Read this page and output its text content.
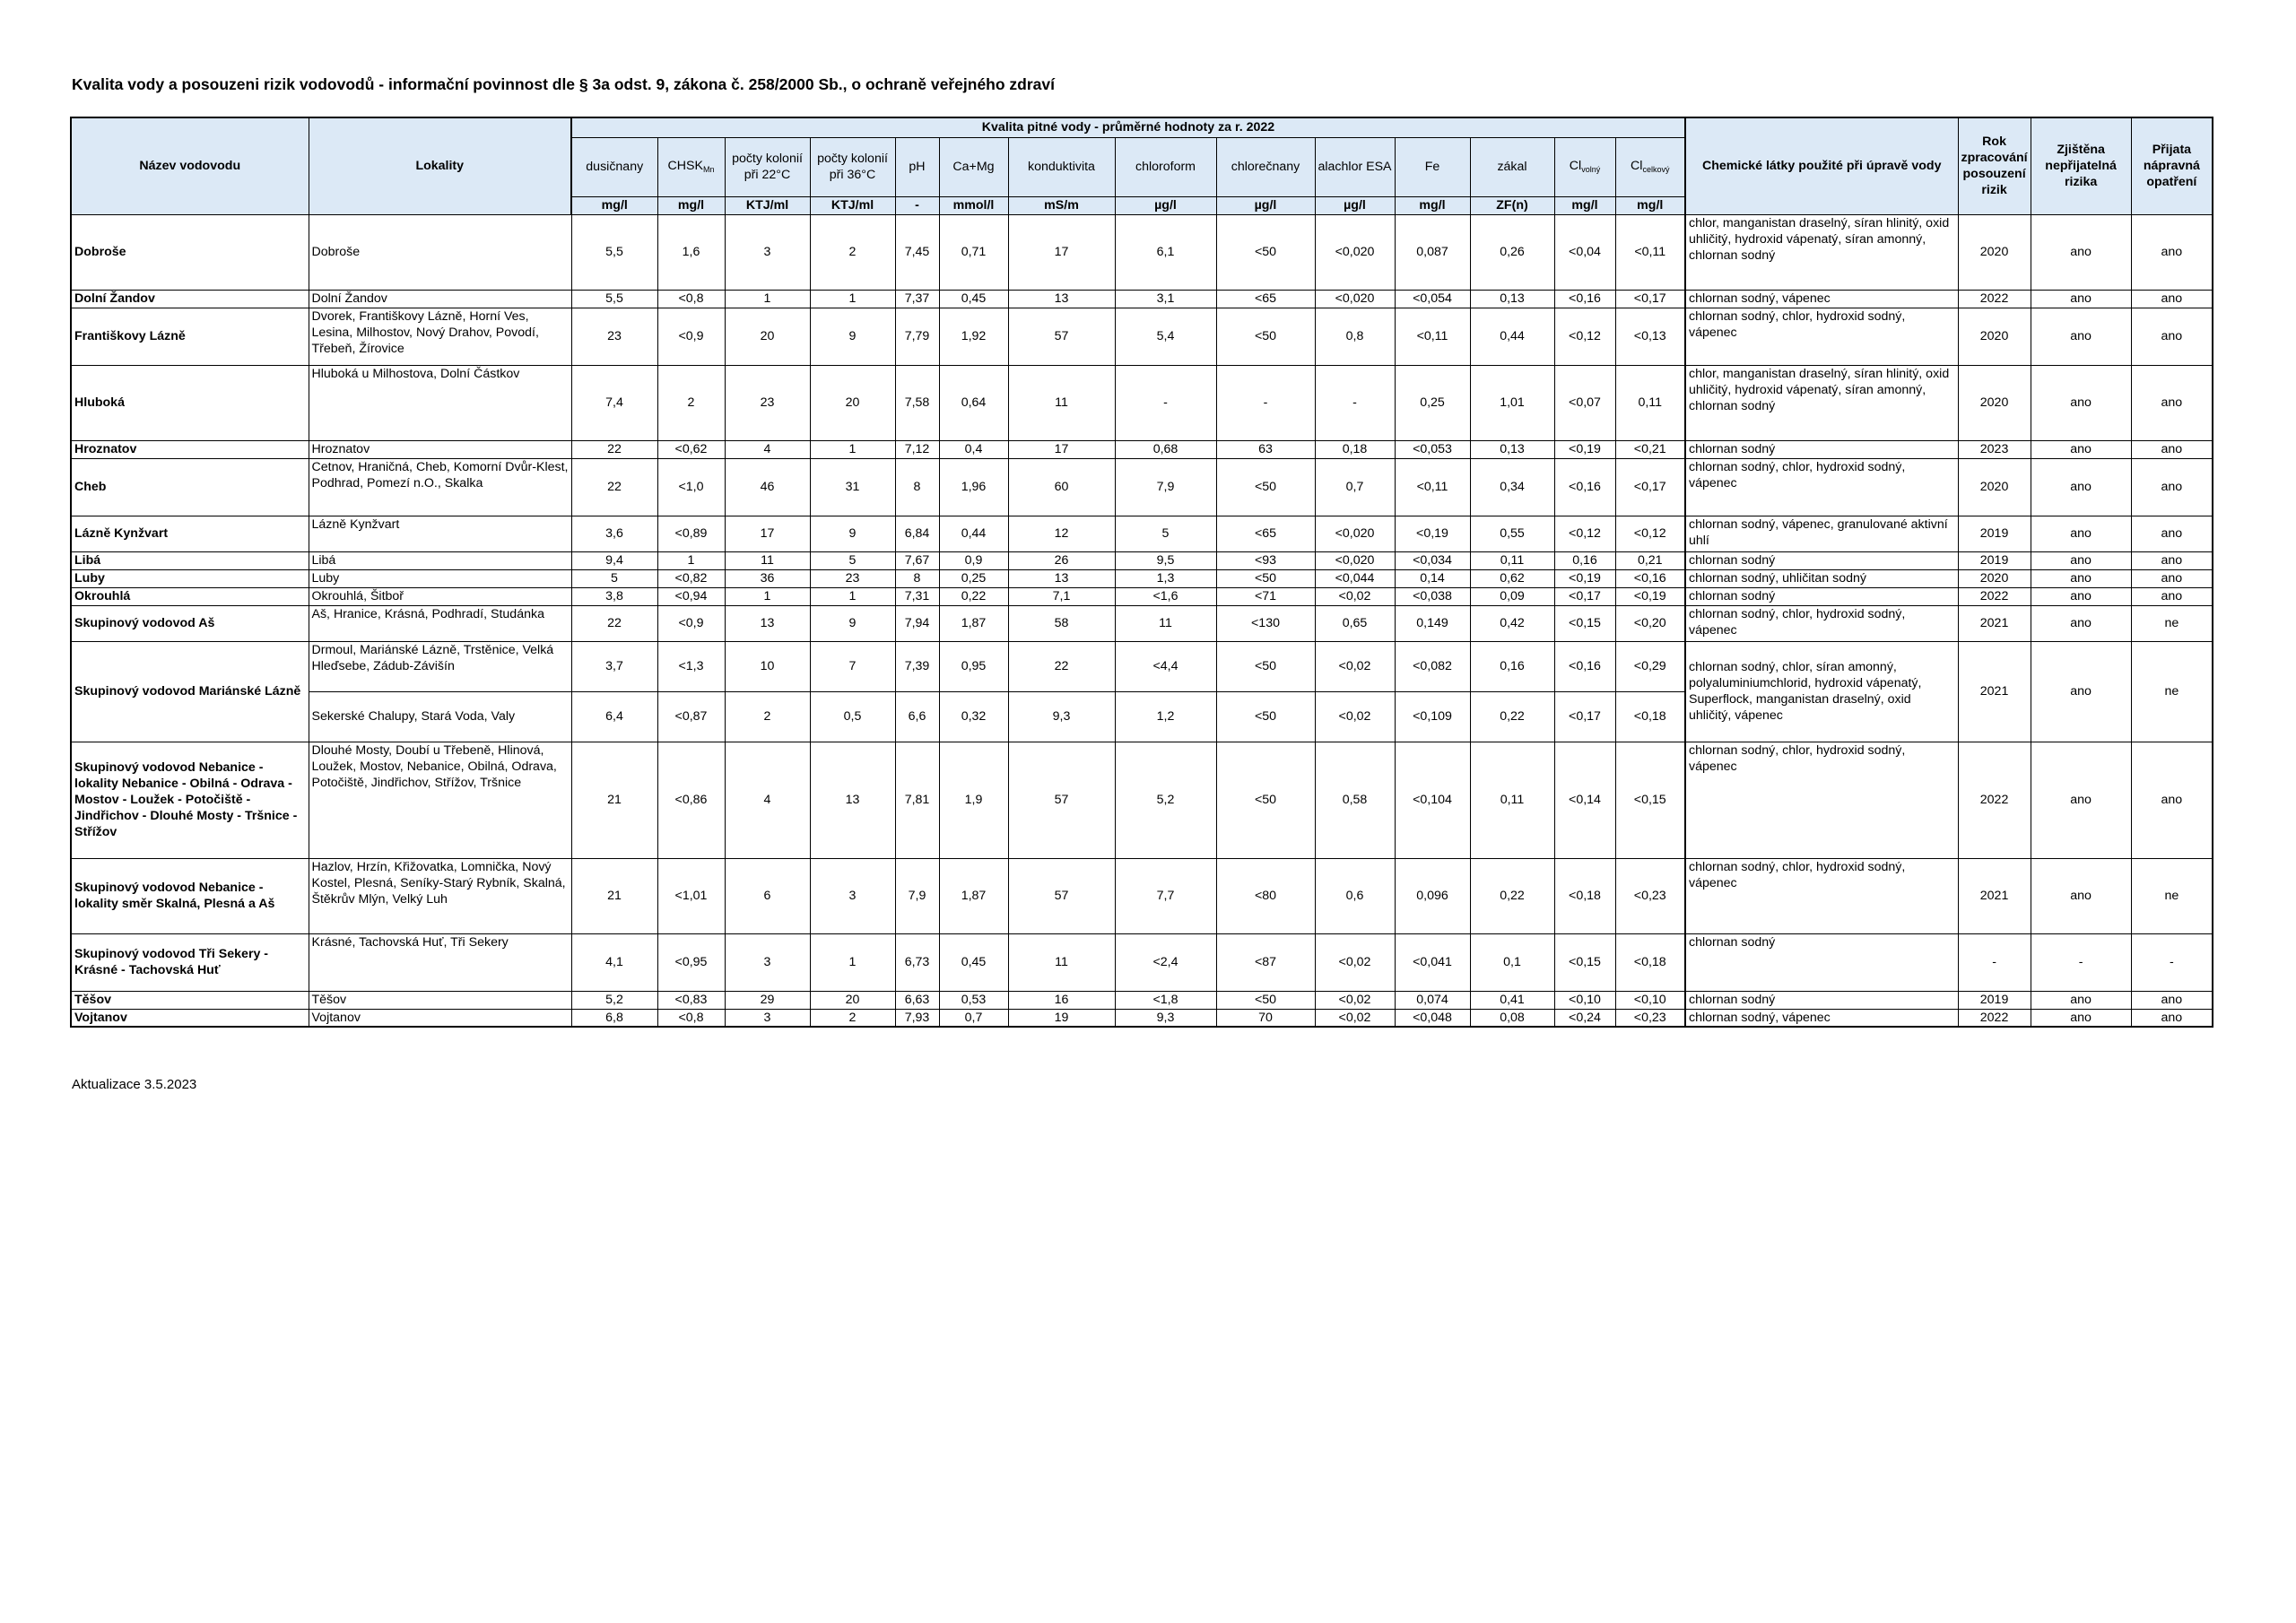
Kvalita vody a posouzeni rizik vodovodů - informační povinnost dle § 3a odst. 9, zákona č. 258/2000 Sb., o ochraně veřejného zdraví
Název vodovodu	Lokality	Kvalita pitné vody - průměrné hodnoty za r. 2022														Chemické látky použité při úpravě vody	Rok zpracování posouzení rizik	Zjištěna nepřijatelná rizika	Přijata nápravná opatření
		dusičnany	$CHSK_{Mn}$	počty kolonií při 22°C	počty kolonií při 36°C	pH	Ca+Mg	konduktivita	chloroform	chlorečnany	alachlor ESA	Fe	zákal	$Cl_{volný}$	$Cl_{celkový}$
		mg/l	mg/l	KTJ/ml	KTJ/ml	-	mmol/l	mS/m	µg/l	µg/l	µg/l	mg/l	ZF(n)	mg/l	mg/l				
Dobroše	Dobroše	5,5	1,6	3	2	7,45	0,71	17	6,1	<50	<0,020	0,087	0,26	<0,04	<0,11	chlor, manganistan draselný, síran hlinitý, oxid uhličitý, hydroxid vápenatý, síran amonný, chlornan sodný	2020	ano	ano
Dolní Žandov	Dolní Žandov	5,5	<0,8	1	1	7,37	0,45	13	3,1	<65	<0,020	<0,054	0,13	<0,16	<0,17	chlornan sodný, vápenec	2022	ano	ano
Františkovy Lázně	Dvorek, Františkovy Lázně, Horní Ves, Lesina, Milhostov, Nový Drahov, Povodí, Třebeň, Žírovice	23	<0,9	20	9	7,79	1,92	57	5,4	<50	0,8	<0,11	0,44	<0,12	<0,13	chlornan sodný, chlor, hydroxid sodný, vápenec	2020	ano	ano
Hluboká	Hluboká u Milhostova, Dolní Částkov	7,4	2	23	20	7,58	0,64	11	-	-	-	0,25	1,01	<0,07	0,11	chlor, manganistan draselný, síran hlinitý, oxid uhličitý, hydroxid vápenatý, síran amonný, chlornan sodný	2020	ano	ano
Hroznatov	Hroznatov	22	<0,62	4	1	7,12	0,4	17	0,68	63	0,18	<0,053	0,13	<0,19	<0,21	chlornan sodný	2023	ano	ano
Cheb	Cetnov, Hraničná, Cheb, Komorní Dvůr-Klest, Podhrad, Pomezí n.O., Skalka	22	<1,0	46	31	8	1,96	60	7,9	<50	0,7	<0,11	0,34	<0,16	<0,17	chlornan sodný, chlor, hydroxid sodný, vápenec	2020	ano	ano
Lázně Kynžvart	Lázně Kynžvart	3,6	<0,89	17	9	6,84	0,44	12	5	<65	<0,020	<0,19	0,55	<0,12	<0,12	chlornan sodný, vápenec, granulované aktivní uhlí	2019	ano	ano
Libá	Libá	9,4	1	11	5	7,67	0,9	26	9,5	<93	<0,020	<0,034	0,11	0,16	0,21	chlornan sodný	2019	ano	ano
Luby	Luby	5	<0,82	36	23	8	0,25	13	1,3	<50	<0,044	0,14	0,62	<0,19	<0,16	chlornan sodný, uhličitan sodný	2020	ano	ano
Okrouhlá	Okrouhlá, Šitboř	3,8	<0,94	1	1	7,31	0,22	7,1	<1,6	<71	<0,02	<0,038	0,09	<0,17	<0,19	chlornan sodný	2022	ano	ano
Skupinový vodovod Aš	Aš, Hranice, Krásná, Podhradí, Studánka	22	<0,9	13	9	7,94	1,87	58	11	<130	0,65	0,149	0,42	<0,15	<0,20	chlornan sodný, chlor, hydroxid sodný, vápenec	2021	ano	ne
Skupinový vodovod Mariánské Lázně	Drmoul, Mariánské Lázně, Trstěnice, Velká Hleďsebe, Zádub-Závišín	3,7	<1,3	10	7	7,39	0,95	22	<4,4	<50	<0,02	<0,082	0,16	<0,16	<0,29	chlornan sodný, chlor, síran amonný, polyaluminiumchlorid, hydroxid vápenatý, Superflock, manganistan draselný, oxid uhličitý, vápenec	2021	ano	ne
	Sekerské Chalupy, Stará Voda, Valy	6,4	<0,87	2	0,5	6,6	0,32	9,3	1,2	<50	<0,02	<0,109	0,22	<0,17	<0,18				
Skupinový vodovod Nebanice - lokality Nebanice - Obilná - Odrava - Mostov - Loužek - Potočiště - Jindřichov - Dlouhé Mosty - Tršnice - Střížov	Dlouhé Mosty, Doubí u Třebeně, Hlinová, Loužek, Mostov, Nebanice, Obilná, Odrava, Potočiště, Jindřichov, Střížov, Tršnice	21	<0,86	4	13	7,81	1,9	57	5,2	<50	0,58	<0,104	0,11	<0,14	<0,15	chlornan sodný, chlor, hydroxid sodný, vápenec	2022	ano	ano
Skupinový vodovod Nebanice - lokality směr Skalná, Plesná a Aš	Hazlov, Hrzín, Křižovatka, Lomnička, Nový Kostel, Plesná, Seníky-Starý Rybník, Skalná, Štěkrův Mlýn, Velký Luh	21	<1,01	6	3	7,9	1,87	57	7,7	<80	0,6	0,096	0,22	<0,18	<0,23	chlornan sodný, chlor, hydroxid sodný, vápenec	2021	ano	ne
Skupinový vodovod Tři Sekery - Krásné - Tachovská Huť	Krásné, Tachovská Huť, Tři Sekery	4,1	<0,95	3	1	6,73	0,45	11	<2,4	<87	<0,02	<0,041	0,1	<0,15	<0,18	chlornan sodný	-	-	-
Těšov	Těšov	5,2	<0,83	29	20	6,63	0,53	16	<1,8	<50	<0,02	0,074	0,41	<0,10	<0,10	chlornan sodný	2019	ano	ano
Vojtanov	Vojtanov	6,8	<0,8	3	2	7,93	0,7	19	9,3	70	<0,02	<0,048	0,08	<0,24	<0,23	chlornan sodný, vápenec	2022	ano	ano
Aktualizace 3.5.2023
